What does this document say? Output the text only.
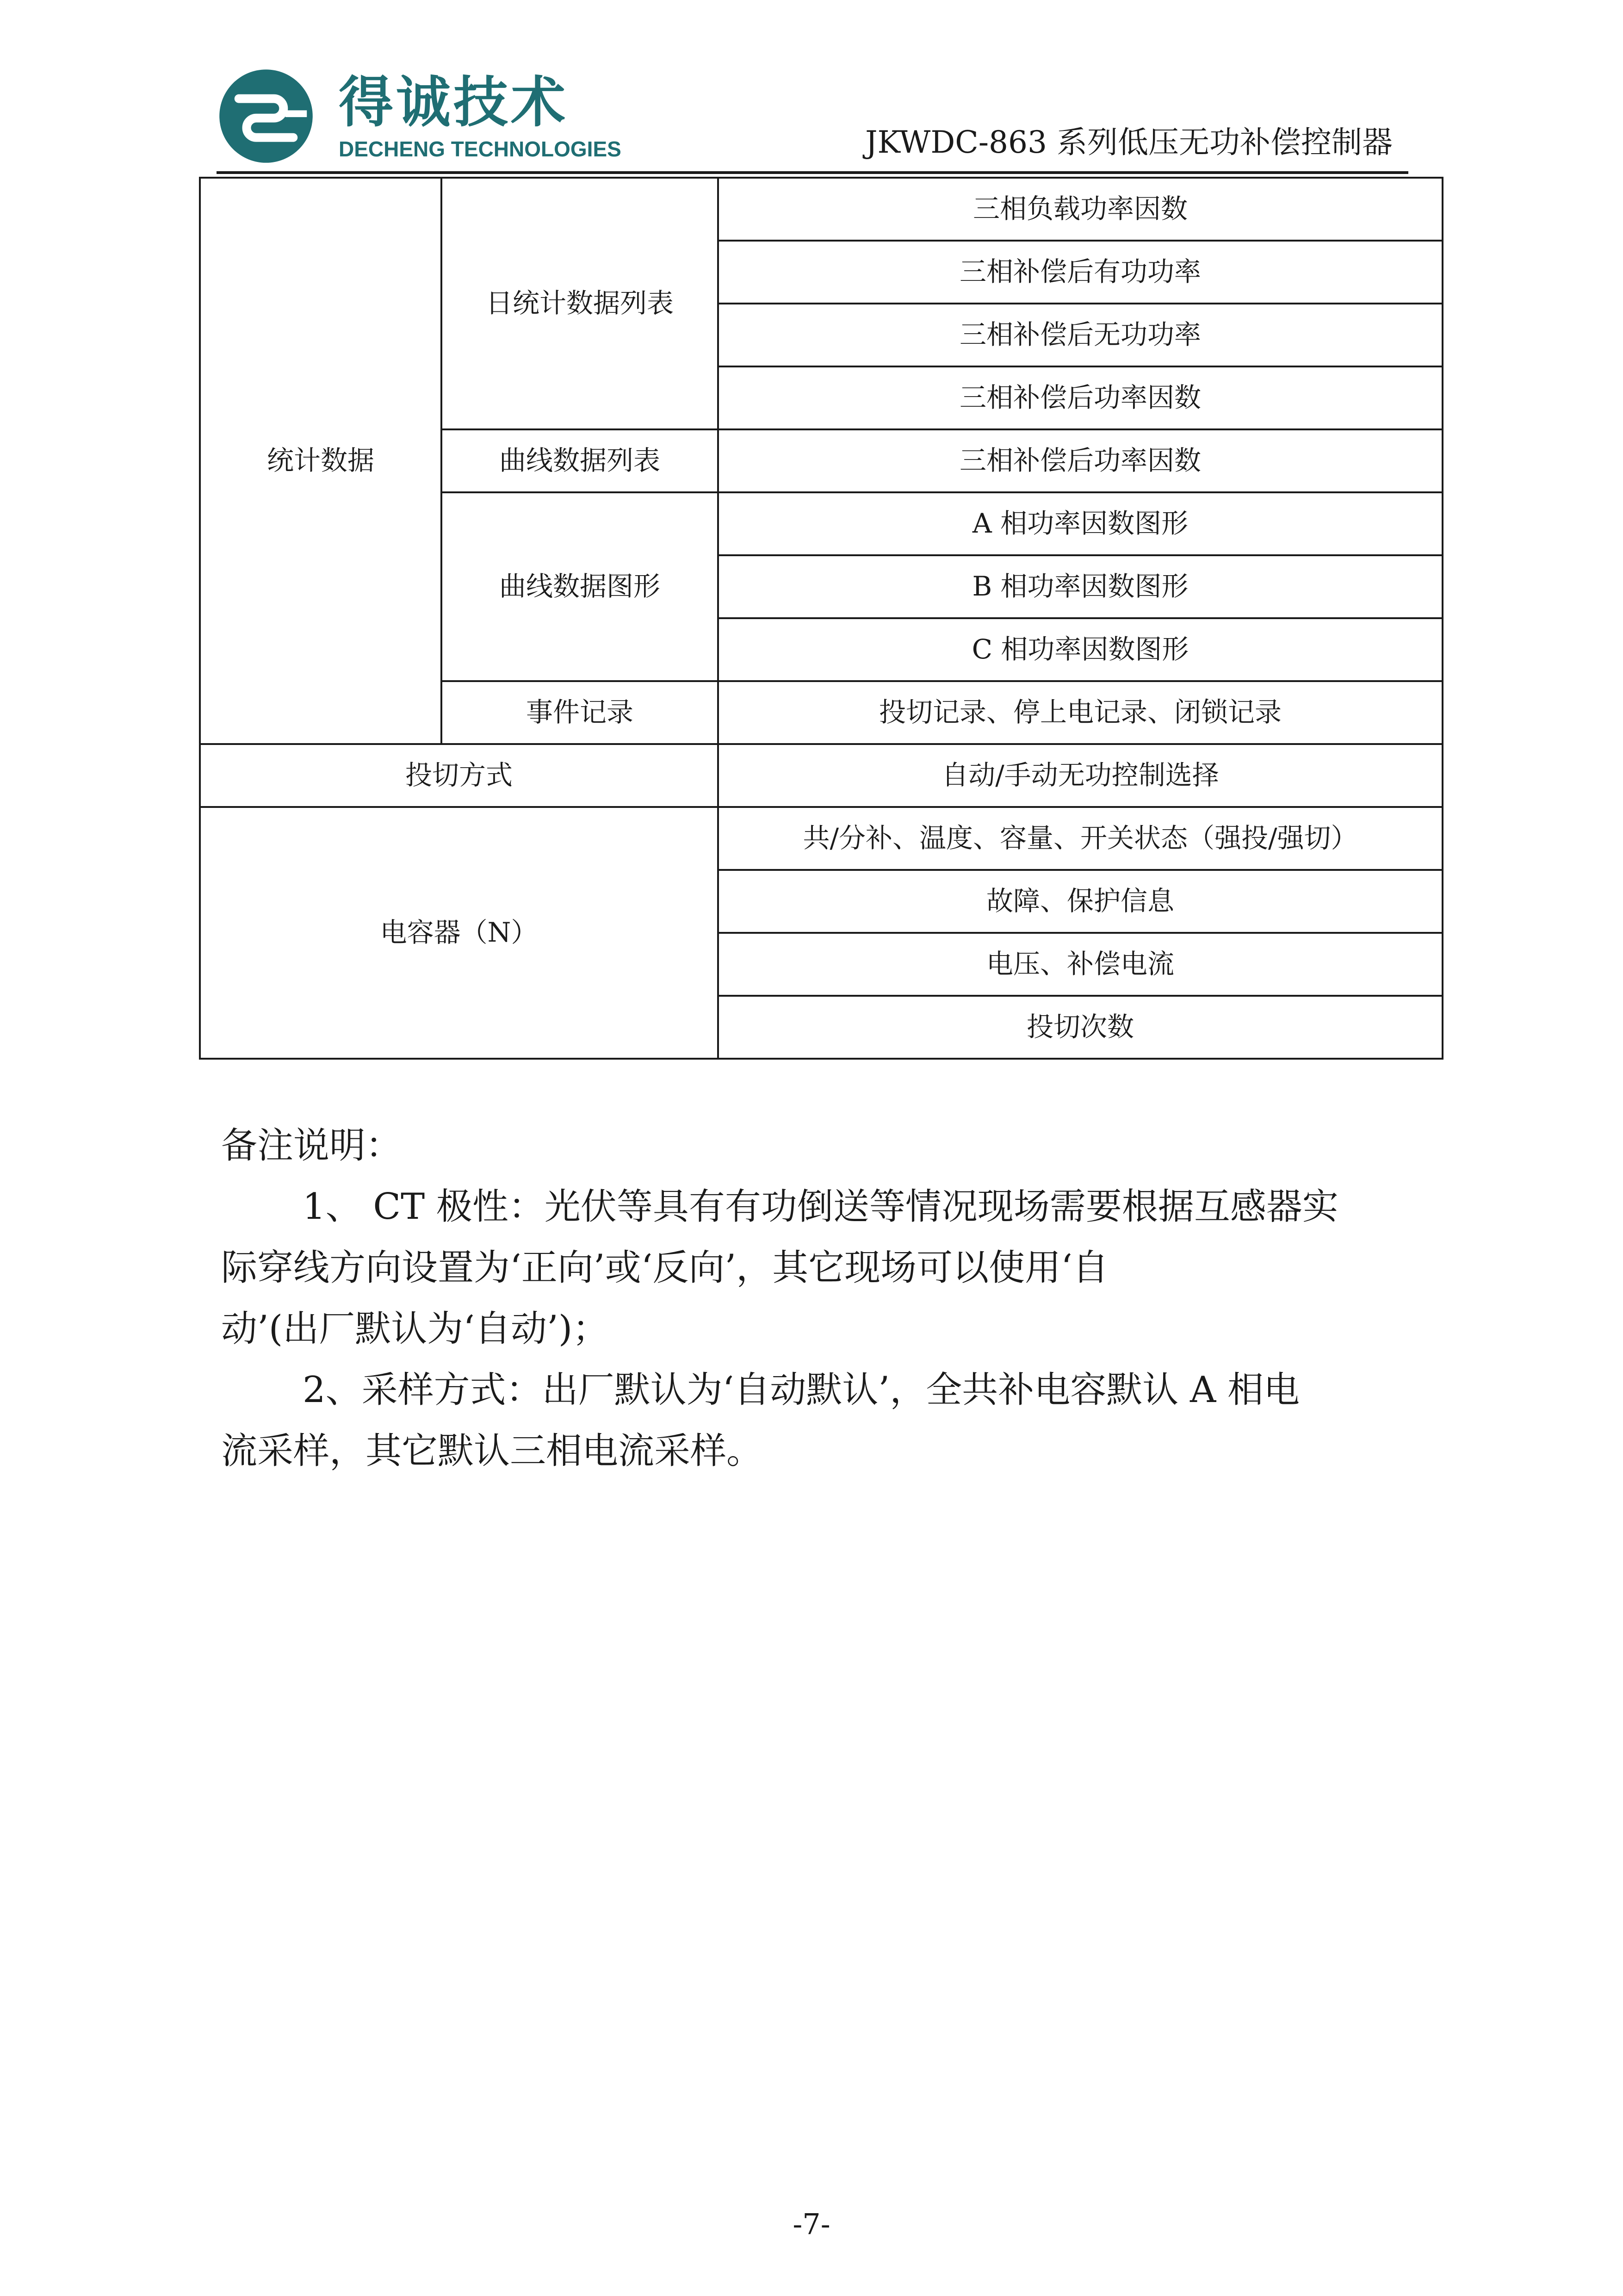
得诚技术
DECHENG TECHNOLOGIES	JKWDC-863 系列低压无功补偿控制器
统计数据	日统计数据列表	三相负载功率因数
		三相补偿后有功功率
		三相补偿后无功功率
		三相补偿后功率因数
	曲线数据列表	三相补偿后功率因数
	曲线数据图形	A 相功率因数图形
		B 相功率因数图形
		C 相功率因数图形
	事件记录	投切记录、停上电记录、闭锁记录
投切方式		自动/手动无功控制选择
电容器（N）		共/分补、温度、容量、开关状态（强投/强切）
		故障、保护信息
		电压、补偿电流
		投切次数
备注说明：
1、 CT 极性：光伏等具有有功倒送等情况现场需要根据互感器实
际穿线方向设置为‘正向’或‘反向’，其它现场可以使用‘自
动’(出厂默认为‘自动’)；
2、采样方式：出厂默认为‘自动默认’，全共补电容默认 A 相电
流采样，其它默认三相电流采样。
-7-
